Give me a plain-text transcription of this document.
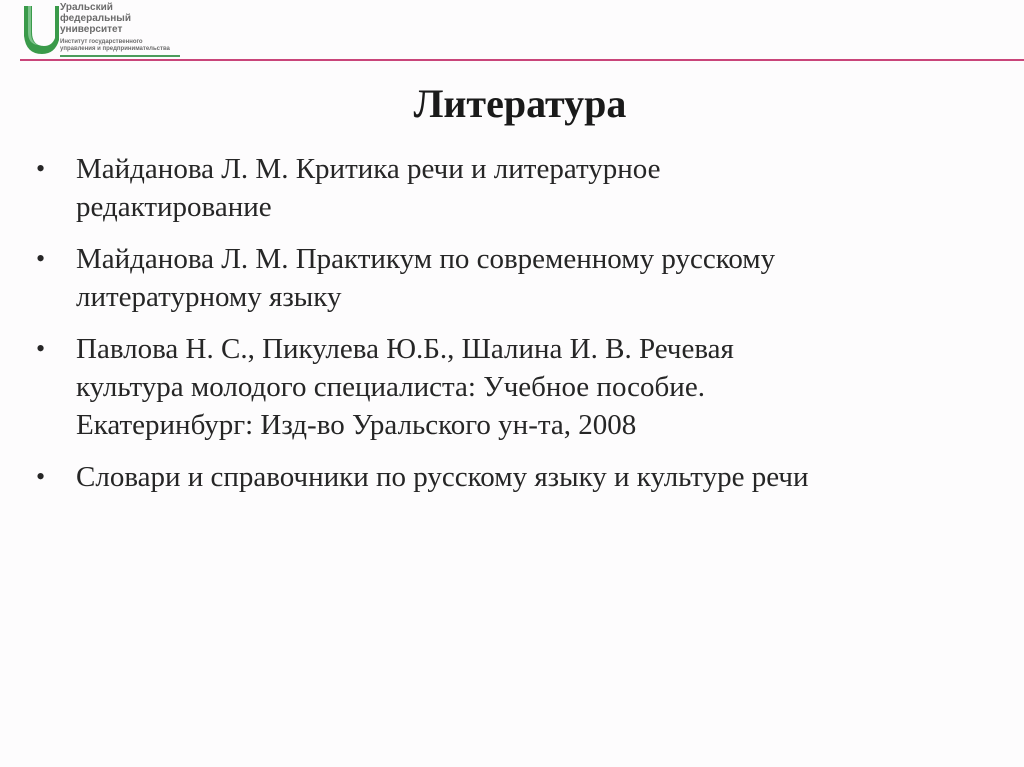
Уральский
федеральный
университет
Институт государственного
управления и предпринимательства
Литература
•	Майданова Л. М. Критика речи и литературное
редактирование
•	Майданова Л. М. Практикум по современному русскому
литературному языку
•	Павлова Н. С., Пикулева Ю.Б., Шалина И. В. Речевая
культура молодого специалиста: Учебное пособие.
Екатеринбург: Изд-во Уральского ун-та, 2008
•	Словари и справочники по русскому языку и культуре речи
